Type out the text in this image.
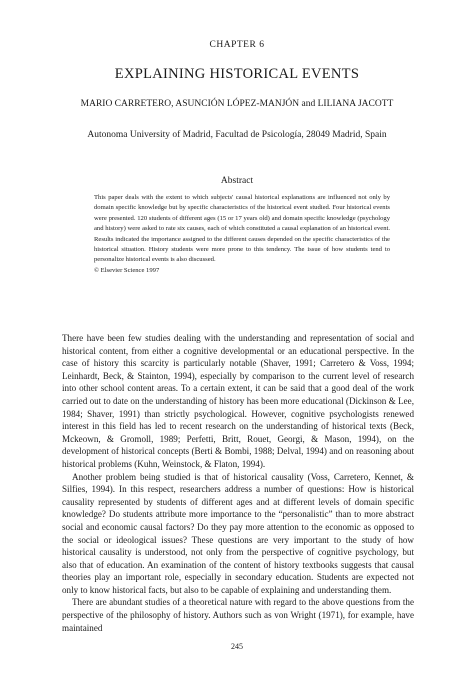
CHAPTER 6
EXPLAINING HISTORICAL EVENTS
MARIO CARRETERO, ASUNCIÓN LÓPEZ-MANJÓN and LILIANA JACOTT
Autonoma University of Madrid, Facultad de Psicología, 28049 Madrid, Spain
Abstract

This paper deals with the extent to which subjects' causal historical explanations are influenced not only by domain specific knowledge but by specific characteristics of the historical event studied. Four historical events were presented. 120 students of different ages (15 or 17 years old) and domain specific knowledge (psychology and history) were asked to rate six causes, each of which constituted a causal explanation of an historical event. Results indicated the importance assigned to the different causes depended on the specific characteristics of the historical situation. History students were more prone to this tendency. The issue of how students tend to personalize historical events is also discussed.
© Elsevier Science 1997

There have been few studies dealing with the understanding and representation of social and historical content, from either a cognitive developmental or an educational perspective. In the case of history this scarcity is particularly notable (Shaver, 1991; Carretero & Voss, 1994; Leinhardt, Beck, & Stainton, 1994), especially by comparison to the current level of research into other school content areas. To a certain extent, it can be said that a good deal of the work carried out to date on the understanding of history has been more educational (Dickinson & Lee, 1984; Shaver, 1991) than strictly psychological. However, cognitive psychologists renewed interest in this field has led to recent research on the understanding of historical texts (Beck, Mckeown, & Gromoll, 1989; Perfetti, Britt, Rouet, Georgi, & Mason, 1994), on the development of historical concepts (Berti & Bombi, 1988; Delval, 1994) and on reasoning about historical problems (Kuhn, Weinstock, & Flaton, 1994).

Another problem being studied is that of historical causality (Voss, Carretero, Kennet, & Silfies, 1994). In this respect, researchers address a number of questions: How is historical causality represented by students of different ages and at different levels of domain specific knowledge? Do students attribute more importance to the “personalistic” than to more abstract social and economic causal factors? Do they pay more attention to the economic as opposed to the social or ideological issues? These questions are very important to the study of how historical causality is understood, not only from the perspective of cognitive psychology, but also that of education. An examination of the content of history textbooks suggests that causal theories play an important role, especially in secondary education. Students are expected not only to know historical facts, but also to be capable of explaining and understanding them.

There are abundant studies of a theoretical nature with regard to the above questions from the perspective of the philosophy of history. Authors such as von Wright (1971), for example, have maintained

245
